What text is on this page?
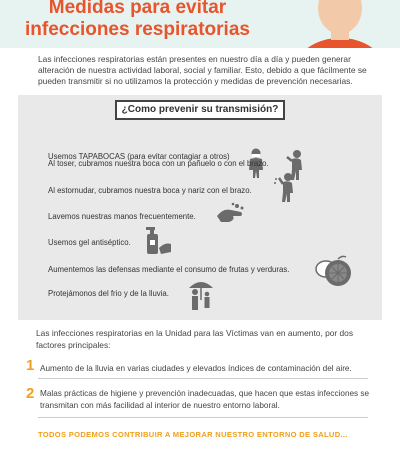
Medidas para evitar
infecciones respiratorias
Las infecciones respiratorias están presentes en nuestro día a día y pueden generar alteración de nuestra actividad laboral, social y familiar. Esto, debido a que fácilmente se pueden transmitir si no utilizamos la protección y medidas de prevención necesarias.
¿Como prevenir su transmisión?
Usemos TAPABOCAS (para evitar contagiar a otros)
Al toser, cubramos nuestra boca con un pañuelo o con el brazo.
Al estornudar, cubramos nuestra boca y nariz con el brazo.
Lavemos nuestras manos frecuentemente.
Usemos gel antiséptico.
Aumentemos las defensas mediante el consumo de frutas y verduras.
Protejámonos del frio y de la lluvia.
Las infecciones respiratorias en la Unidad para las Víctimas van en aumento, por dos factores principales:
1 Aumento de la lluvia en varias ciudades y elevados índices de contaminación del aire.
2 Malas prácticas de higiene y prevención inadecuadas, que hacen que estas infecciones se transmitan con más facilidad al interior de nuestro entorno laboral.
TODOS PODEMOS CONTRIBUIR A MEJORAR NUESTRO ENTORNO DE SALUD...
